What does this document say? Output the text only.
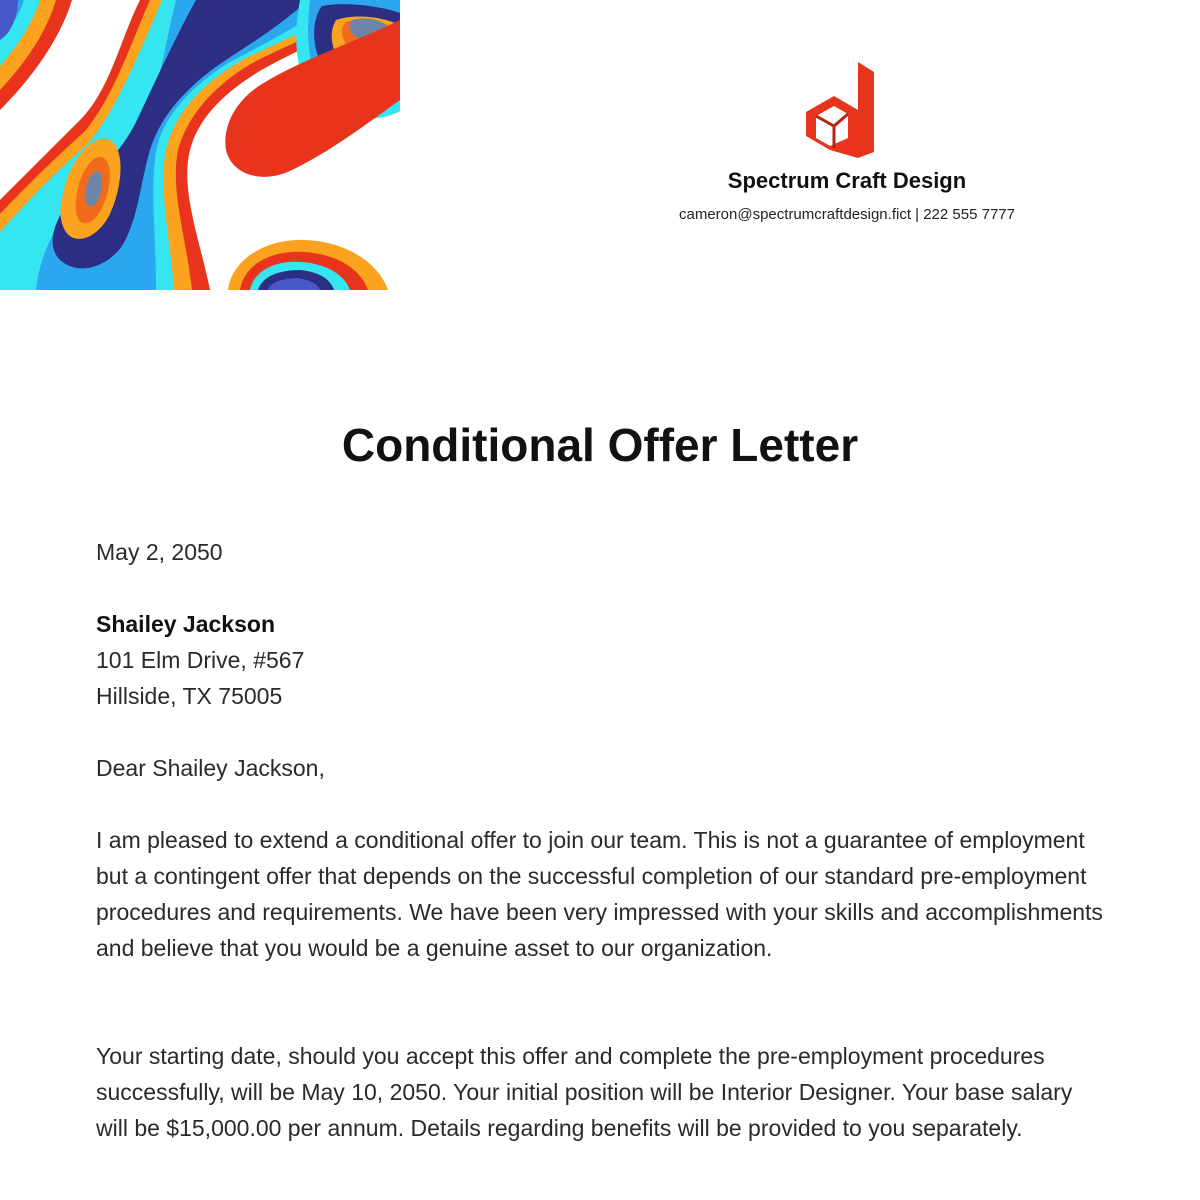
Spectrum Craft Design
cameron@spectrumcraftdesign.fict | 222 555 7777
Conditional Offer Letter

May 2, 2050

Shailey Jackson
101 Elm Drive, #567
Hillside, TX 75005

Dear Shailey Jackson,

I am pleased to extend a conditional offer to join our team. This is not a guarantee of employment but a contingent offer that depends on the successful completion of our standard pre-employment procedures and requirements. We have been very impressed with your skills and accomplishments and believe that you would be a genuine asset to our organization.

Your starting date, should you accept this offer and complete the pre-employment procedures successfully, will be May 10, 2050. Your initial position will be Interior Designer. Your base salary will be $15,000.00 per annum. Details regarding benefits will be provided to you separately.
